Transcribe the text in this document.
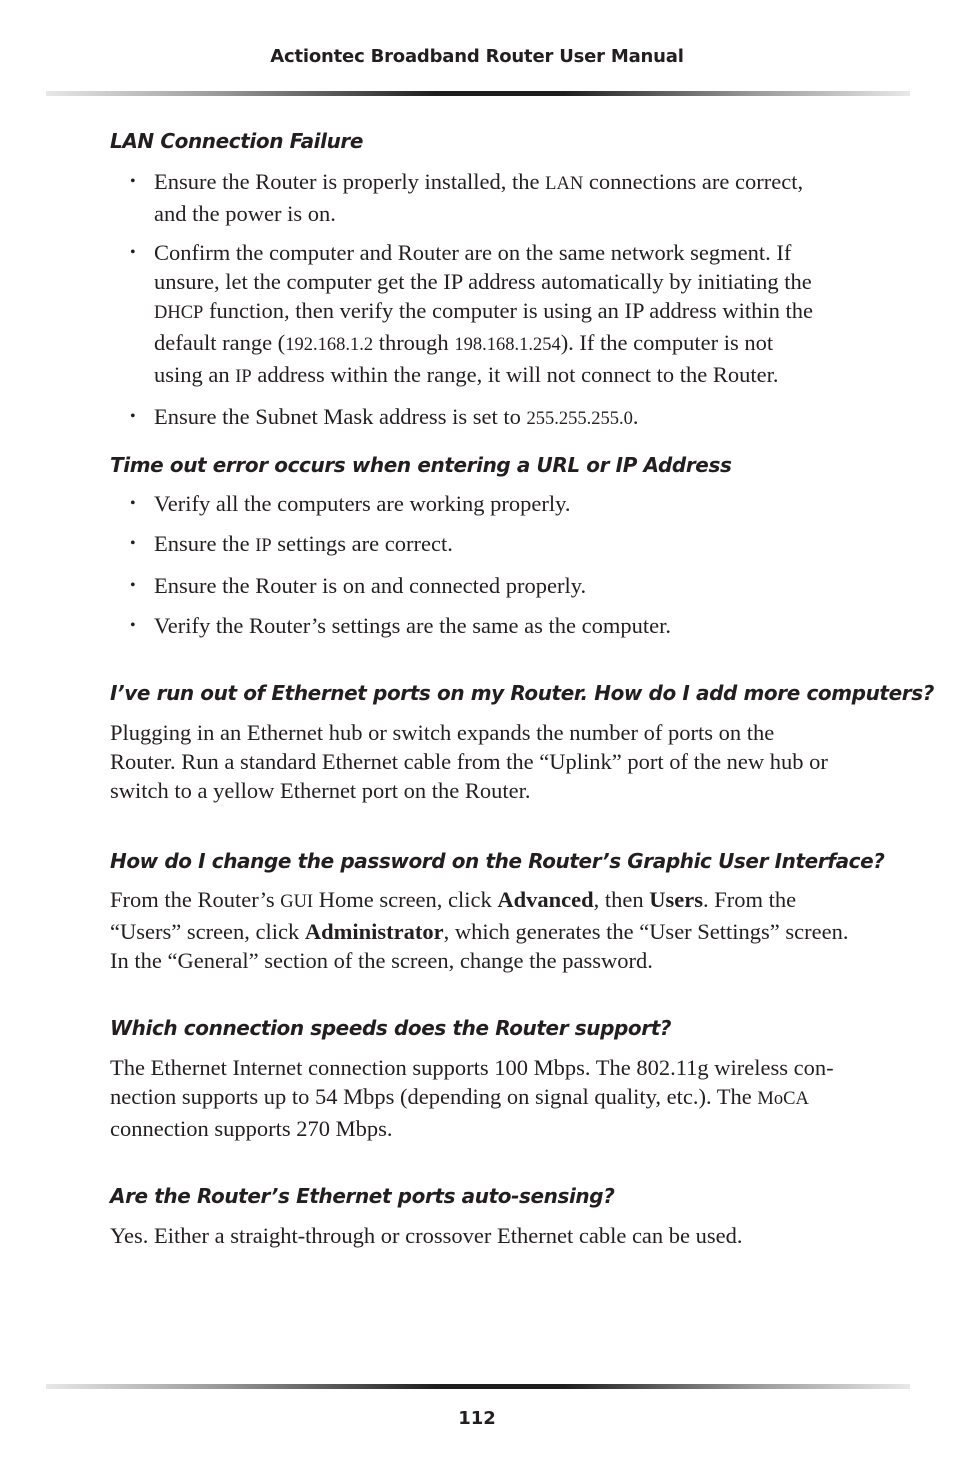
Actiontec Broadband Router User Manual
LAN Connection Failure
• Ensure the Router is properly installed, the LAN connections are correct,
and the power is on.
• Confirm the computer and Router are on the same network segment. If
unsure, let the computer get the IP address automatically by initiating the
DHCP function, then verify the computer is using an IP address within the
default range (192.168.1.2 through 198.168.1.254). If the computer is not
using an IP address within the range, it will not connect to the Router.
• Ensure the Subnet Mask address is set to 255.255.255.0.
Time out error occurs when entering a URL or IP Address
• Verify all the computers are working properly.
• Ensure the IP settings are correct.
• Ensure the Router is on and connected properly.
• Verify the Router’s settings are the same as the computer.
I’ve run out of Ethernet ports on my Router. How do I add more computers?
Plugging in an Ethernet hub or switch expands the number of ports on the
Router. Run a standard Ethernet cable from the “Uplink” port of the new hub or
switch to a yellow Ethernet port on the Router.
How do I change the password on the Router’s Graphic User Interface?
From the Router’s GUI Home screen, click Advanced, then Users. From the
“Users” screen, click Administrator, which generates the “User Settings” screen.
In the “General” section of the screen, change the password.
Which connection speeds does the Router support?
The Ethernet Internet connection supports 100 Mbps. The 802.11g wireless con-
nection supports up to 54 Mbps (depending on signal quality, etc.). The MoCA
connection supports 270 Mbps.
Are the Router’s Ethernet ports auto-sensing?
Yes. Either a straight-through or crossover Ethernet cable can be used.
112
